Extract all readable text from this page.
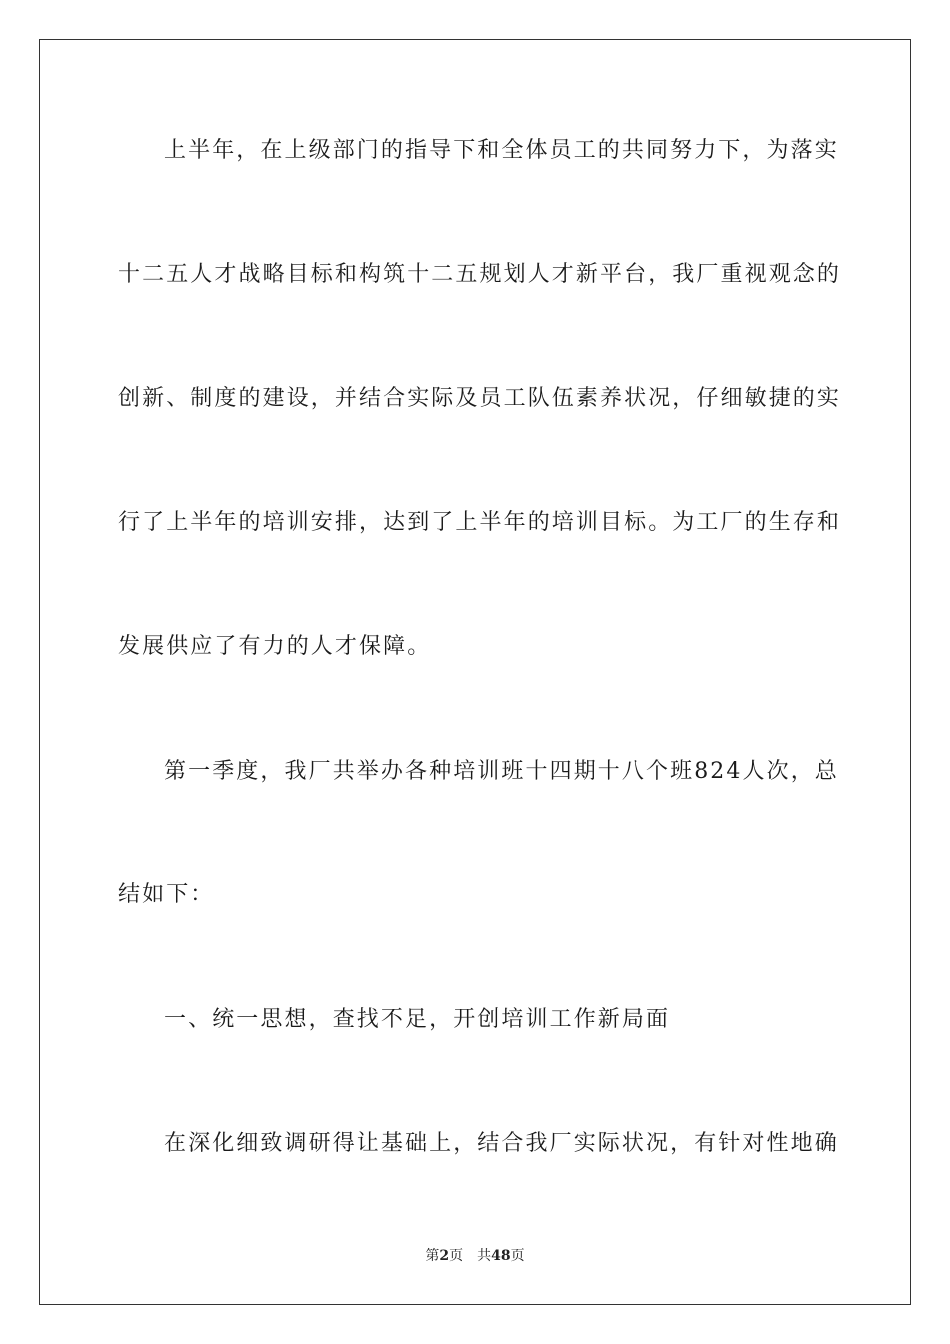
上半年，在上级部门的指导下和全体员工的共同努力下，为落实

十二五人才战略目标和构筑十二五规划人才新平台，我厂重视观念的

创新、制度的建设，并结合实际及员工队伍素养状况，仔细敏捷的实

行了上半年的培训安排，达到了上半年的培训目标。为工厂的生存和

发展供应了有力的人才保障。

第一季度，我厂共举办各种培训班十四期十八个班824人次，总

结如下：

一、统一思想，查找不足，开创培训工作新局面

在深化细致调研得让基础上，结合我厂实际状况，有针对性地确

第2页 共48页
